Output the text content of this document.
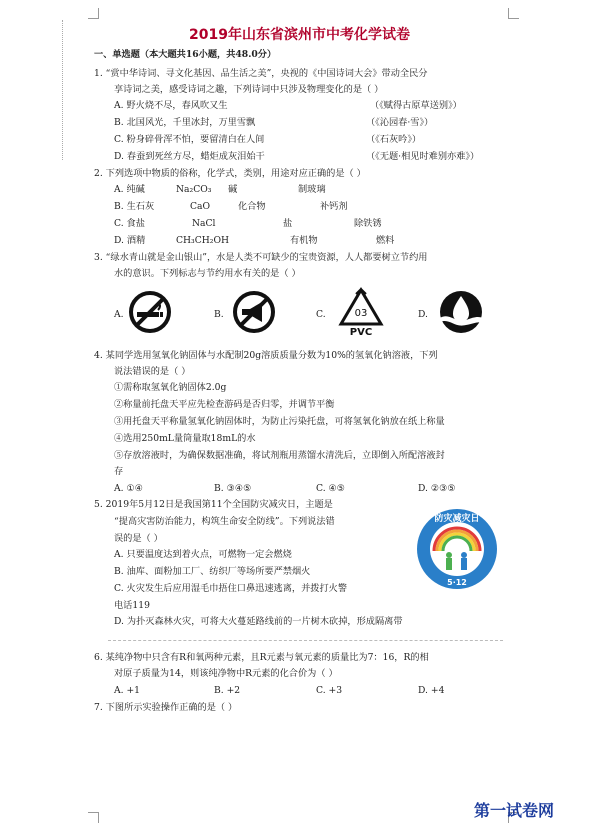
2019年山东省滨州市中考化学试卷
一、单选题（本大题共16小题，共48.0分）
1. “赏中华诗词、寻文化基因、品生活之美”，央视的《中国诗词大会》带动全民分
享诗词之美，感受诗词之趣，下列诗词中只涉及物理变化的是（ ）
A. 野火烧不尽，春风吹又生	（《赋得古原草送别》）
B. 北国风光，千里冰封，万里雪飘	（《沁园春·雪》）
C. 粉身碎骨浑不怕，要留清白在人间	（《石灰吟》）
D. 春蚕到死丝方尽，蜡炬成灰泪始干	（《无题·相见时难别亦难》）
2. 下列选项中物质的俗称，化学式，类别，用途对应正确的是（ ）
A. 纯碱	Na₂CO₃ 碱	制玻璃
B. 生石灰	CaO	化合物	补钙剂
C. 食盐	NaCl	盐	除铁锈
D. 酒精	CH₃CH₂OH	有机物	燃料
3. “绿水青山就是金山银山”，水是人类不可缺少的宝贵资源，人人都要树立节约用
水的意识。下列标志与节约用水有关的是（ ）
A.	B.	C.	03
PVC
D.
4. 某同学选用氢氧化钠固体与水配制20g溶质质量分数为10%的氢氧化钠溶液，下列
说法错误的是（ ）
①需称取氢氧化钠固体2.0g
②称量前托盘天平应先检查游码是否归零，并调节平衡
③用托盘天平称量氢氧化钠固体时，为防止污染托盘，可将氢氧化钠放在纸上称量
④选用250mL量筒量取18mL的水
⑤存放溶液时，为确保数据准确，将试剂瓶用蒸馏水清洗后，立即倒入所配溶液封
存
A. ①④	B. ③④⑤	C. ④⑤	D. ②③⑤
5. 2019年5月12日是我国第11个全国防灾减灾日，主题是
“提高灾害防治能力，构筑生命安全防线”。下列说法错
误的是（ ）
A. 只要温度达到着火点，可燃物一定会燃烧
B. 油库、面粉加工厂、纺织厂等场所要严禁烟火
C. 火灾发生后应用湿毛巾捂住口鼻迅速逃离，并拨打火警
电话119
D. 为扑灭森林火灾，可将大火蔓延路线前的一片树木砍掉，形成隔离带
防灾减灾日
5·12
6. 某纯净物中只含有R和氧两种元素，且R元素与氧元素的质量比为7：16，R的相
对原子质量为14，则该纯净物中R元素的化合价为（ ）
A. +1	B. +2	C. +3	D. +4
7. 下图所示实验操作正确的是（ ）
第一试卷网
